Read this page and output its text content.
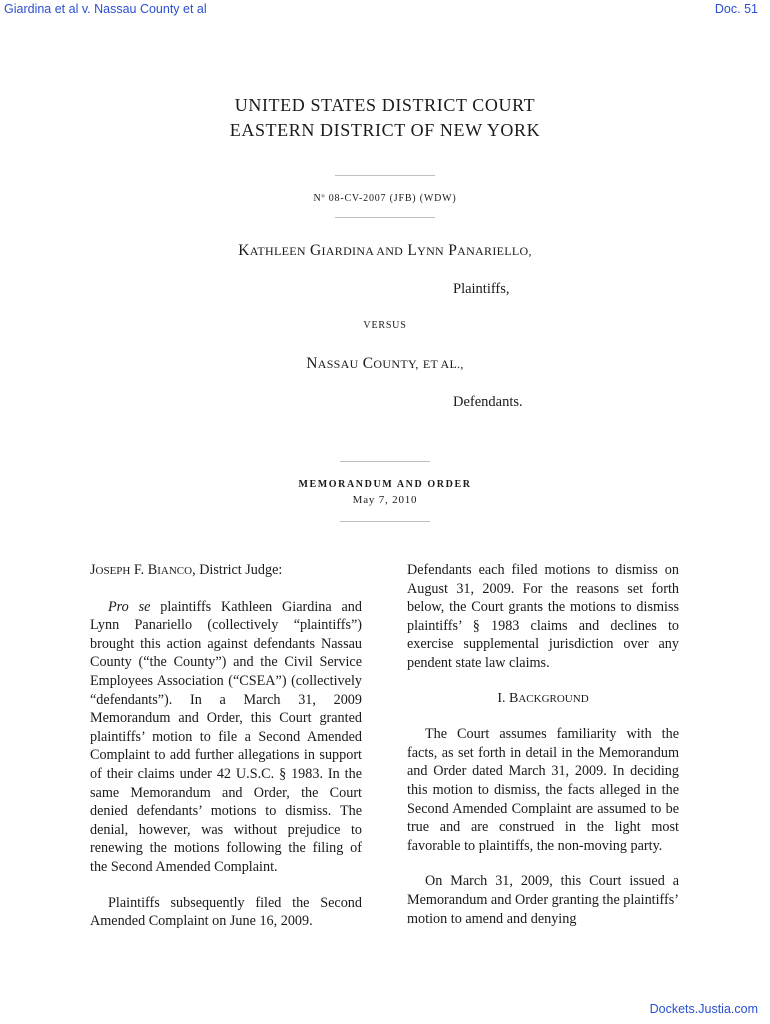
Giardina et al v. Nassau County et al	Doc. 51
UNITED STATES DISTRICT COURT
EASTERN DISTRICT OF NEW YORK
____________________
Nº 08-CV-2007 (JFB) (WDW)
____________________
KATHLEEN GIARDINA AND LYNN PANARIELLO,
Plaintiffs,
VERSUS
NASSAU COUNTY, ET AL.,
Defendants.
__________________
MEMORANDUM AND ORDER
May 7, 2010
__________________

JOSEPH F. BIANCO, District Judge:

Pro se plaintiffs Kathleen Giardina and Lynn Panariello (collectively “plaintiffs”) brought this action against defendants Nassau County (“the County”) and the Civil Service Employees Association (“CSEA”) (collectively “defendants”). In a March 31, 2009 Memorandum and Order, this Court granted plaintiffs’ motion to file a Second Amended Complaint to add further allegations in support of their claims under 42 U.S.C. § 1983. In the same Memorandum and Order, the Court denied defendants’ motions to dismiss. The denial, however, was without prejudice to renewing the motions following the filing of the Second Amended Complaint.

Plaintiffs subsequently filed the Second Amended Complaint on June 16, 2009.

Defendants each filed motions to dismiss on August 31, 2009. For the reasons set forth below, the Court grants the motions to dismiss plaintiffs’ § 1983 claims and declines to exercise supplemental jurisdiction over any pendent state law claims.

I. BACKGROUND

The Court assumes familiarity with the facts, as set forth in detail in the Memorandum and Order dated March 31, 2009. In deciding this motion to dismiss, the facts alleged in the Second Amended Complaint are assumed to be true and are construed in the light most favorable to plaintiffs, the non-moving party.

On March 31, 2009, this Court issued a Memorandum and Order granting the plaintiffs’ motion to amend and denying

Dockets.Justia.com
